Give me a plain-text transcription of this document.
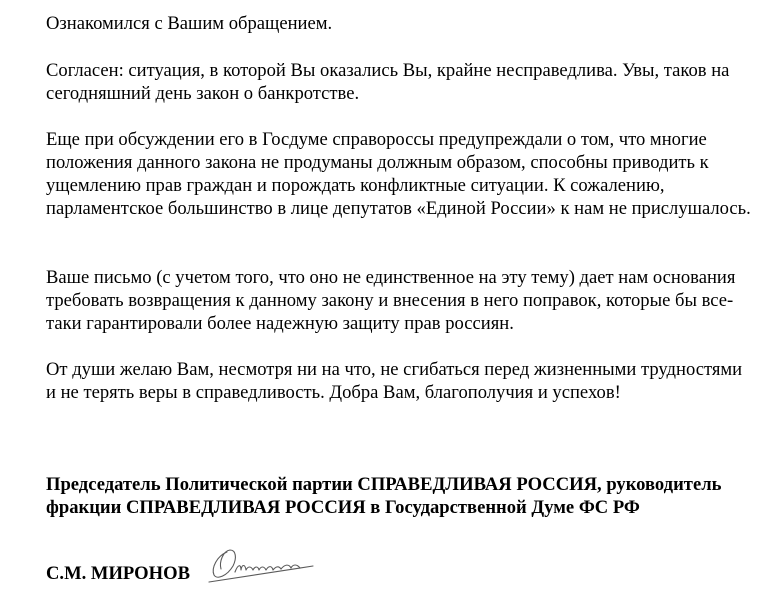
Ознакомился с Вашим обращением.

Согласен: ситуация, в которой Вы оказались Вы, крайне несправедлива. Увы, таков на сегодняшний день закон о банкротстве.

Еще при обсуждении его в Госдуме справороссы предупреждали о том, что многие положения данного закона не продуманы должным образом, способны приводить к ущемлению прав граждан и порождать конфликтные ситуации. К сожалению, парламентское большинство в лице депутатов «Единой России» к нам не прислушалось.

Ваше письмо (с учетом того, что оно не единственное на эту тему) дает нам основания требовать возвращения к данному закону и внесения в него поправок, которые бы все-таки гарантировали более надежную защиту прав россиян.

От души желаю Вам, несмотря ни на что, не сгибаться перед жизненными трудностями и не терять веры в справедливость. Добра Вам, благополучия и успехов!

Председатель Политической партии СПРАВЕДЛИВАЯ РОССИЯ, руководитель фракции СПРАВЕДЛИВАЯ РОССИЯ в Государственной Думе ФС РФ

С.М. МИРОНОВ
